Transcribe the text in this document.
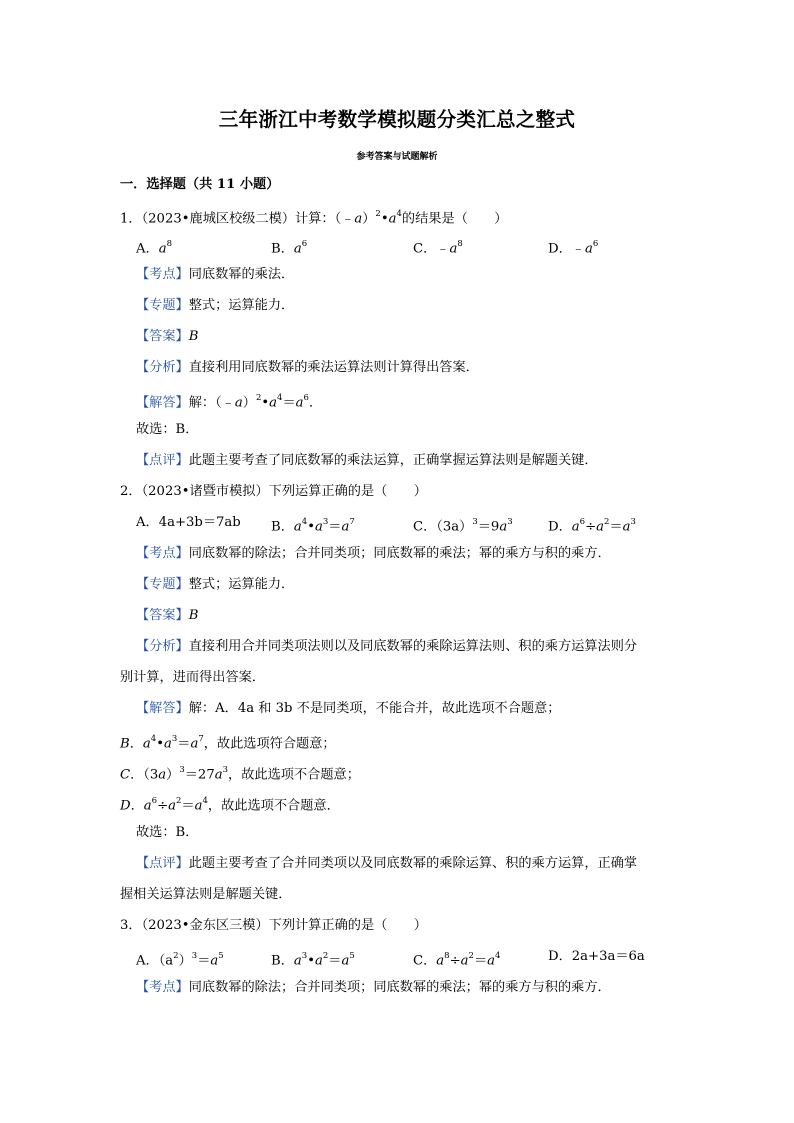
三年浙江中考数学模拟题分类汇总之整式
参考答案与试题解析
一．选择题（共 11 小题）
1．（2023•鹿城区校级二模）计算：$(﹣a)^2•a^4$的结果是（　　）
A．$a^8$	B．$a^6$	C．$﹣a^8$	D．$﹣a^6$
【考点】同底数幂的乘法．
【专题】整式；运算能力．
【答案】B
【分析】直接利用同底数幂的乘法运算法则计算得出答案．
【解答】解：$(﹣a)^2•a^4=a^6$．
故选：B．
【点评】此题主要考查了同底数幂的乘法运算，正确掌握运算法则是解题关键．
2．（2023•诸暨市模拟）下列运算正确的是（　　）
A．4a+3b＝7ab B．$a^4•a^3=a^7$	C．$(3a)^3=9a^3$	D．$a^6\div a^2=a^3$
【考点】同底数幂的除法；合并同类项；同底数幂的乘法；幂的乘方与积的乘方．
【专题】整式；运算能力．
【答案】B
【分析】直接利用合并同类项法则以及同底数幂的乘除运算法则、积的乘方运算法则分
别计算，进而得出答案．
【解答】解：A．4a 和 3b 不是同类项，不能合并，故此选项不合题意；
B．$a^4•a^3=a^7$，故此选项符合题意；
C．$(3a)^3=27a^3$，故此选项不合题意；
D．$a^6\div a^2=a^4$，故此选项不合题意．
故选：B．
【点评】此题主要考查了合并同类项以及同底数幂的乘除运算、积的乘方运算，正确掌
握相关运算法则是解题关键．
3．（2023•金东区三模）下列计算正确的是（　　）
A．$(a^2)^3=a^5$	B．$a^3•a^2=a^5$	C．$a^8\div a^2=a^4$	D．2a+3a＝6a
【考点】同底数幂的除法；合并同类项；同底数幂的乘法；幂的乘方与积的乘方．
